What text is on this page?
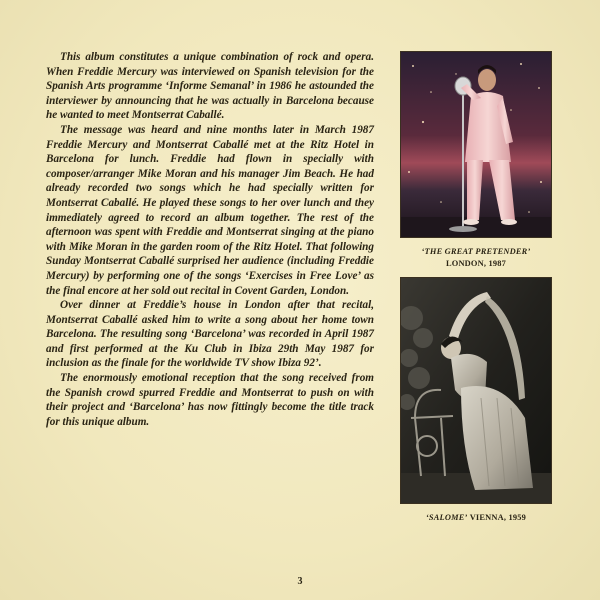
This album constitutes a unique combination of rock and opera. When Freddie Mercury was interviewed on Spanish television for the Spanish Arts programme ‘Informe Semanal’ in 1986 he astounded the interviewer by announcing that he was actually in Barcelona because he wanted to meet Montserrat Caballé.

The message was heard and nine months later in March 1987 Freddie Mercury and Montserrat Caballé met at the Ritz Hotel in Barcelona for lunch. Freddie had flown in specially with composer/arranger Mike Moran and his manager Jim Beach. He had already recorded two songs which he had specially written for Montserrat Caballé. He played these songs to her over lunch and they immediately agreed to record an album together. The rest of the afternoon was spent with Freddie and Montserrat singing at the piano with Mike Moran in the garden room of the Ritz Hotel. That following Sunday Montserrat Caballé surprised her audience (including Freddie Mercury) by performing one of the songs ‘Exercises in Free Love’ as the final encore at her sold out recital in Covent Garden, London.

Over dinner at Freddie’s house in London after that recital, Montserrat Caballé asked him to write a song about her home town Barcelona. The resulting song ‘Barcelona’ was recorded in April 1987 and first performed at the Ku Club in Ibiza 29th May 1987 for inclusion as the finale for the worldwide TV show Ibiza 92’.

The enormously emotional reception that the song received from the Spanish crowd spurred Freddie and Montserrat to push on with their project and ‘Barcelona’ has now fittingly become the title track for this unique album.

‘THE GREAT PRETENDER’
LONDON, 1987
‘SALOME’ VIENNA, 1959
3
